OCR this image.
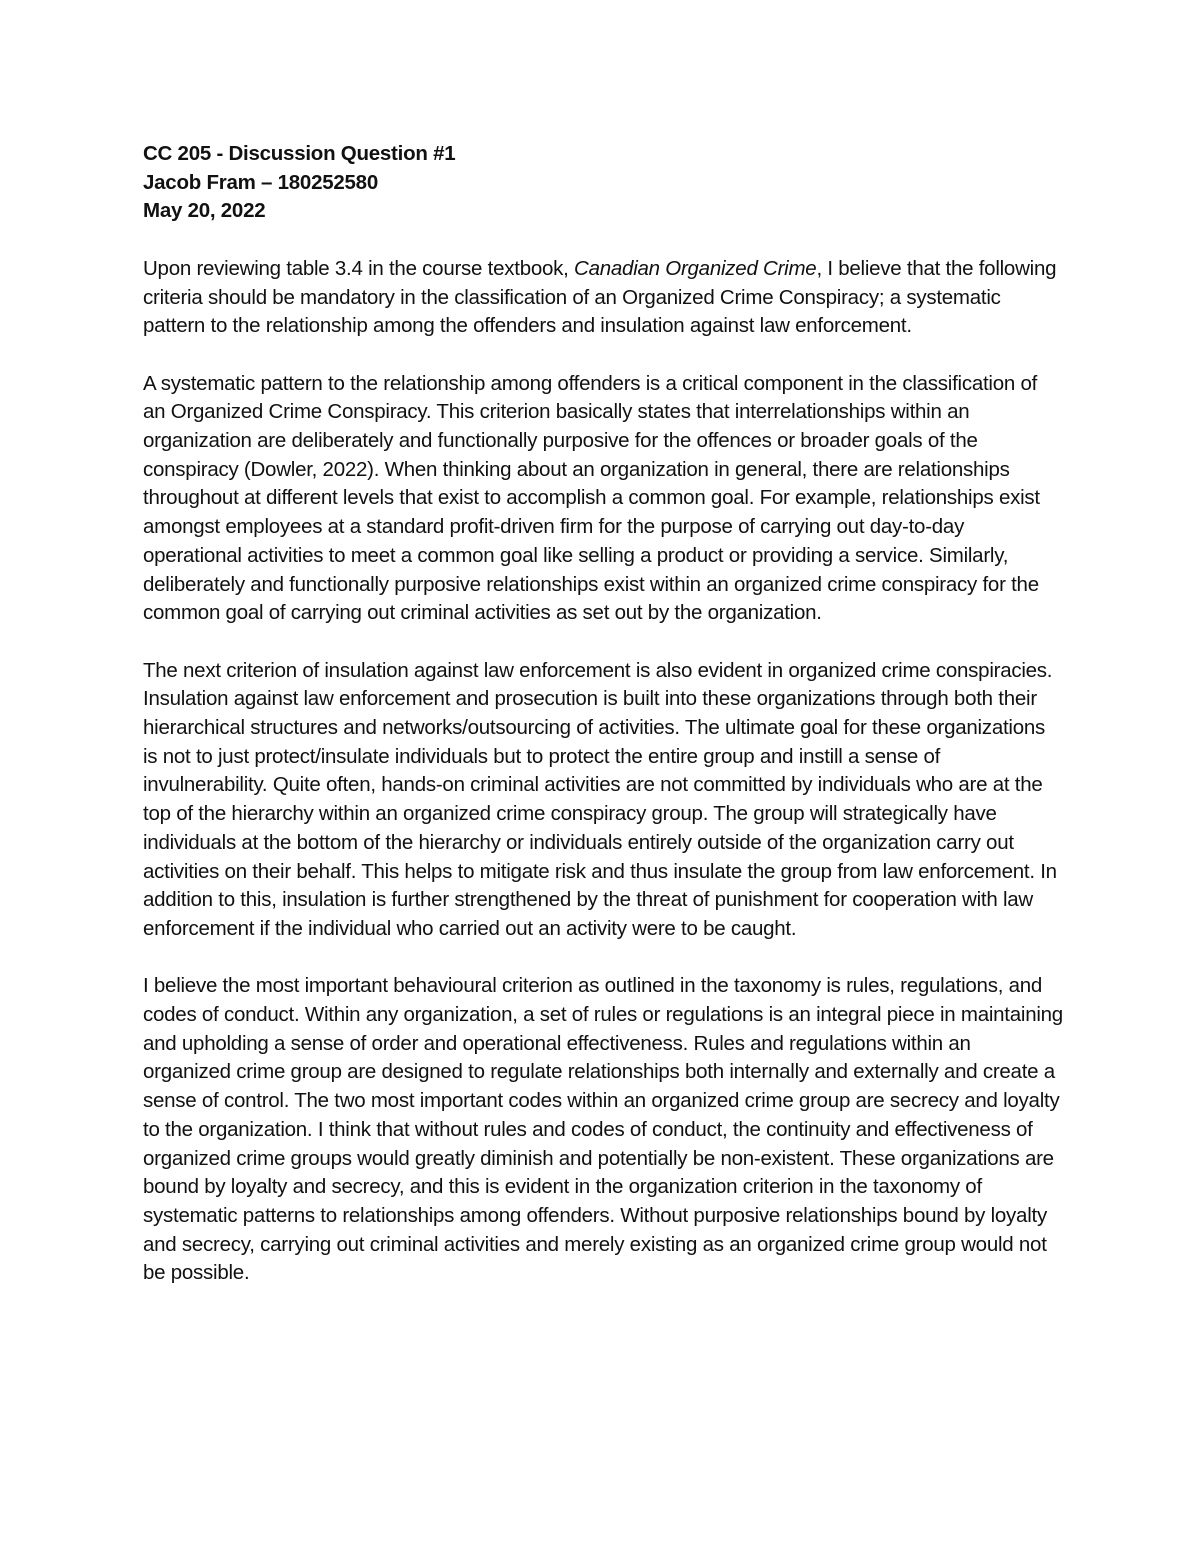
CC 205 - Discussion Question #1
Jacob Fram – 180252580
May 20, 2022

Upon reviewing table 3.4 in the course textbook, Canadian Organized Crime, I believe that the following criteria should be mandatory in the classification of an Organized Crime Conspiracy; a systematic pattern to the relationship among the offenders and insulation against law enforcement.

A systematic pattern to the relationship among offenders is a critical component in the classification of an Organized Crime Conspiracy. This criterion basically states that interrelationships within an organization are deliberately and functionally purposive for the offences or broader goals of the conspiracy (Dowler, 2022). When thinking about an organization in general, there are relationships throughout at different levels that exist to accomplish a common goal. For example, relationships exist amongst employees at a standard profit-driven firm for the purpose of carrying out day-to-day operational activities to meet a common goal like selling a product or providing a service. Similarly, deliberately and functionally purposive relationships exist within an organized crime conspiracy for the common goal of carrying out criminal activities as set out by the organization.

The next criterion of insulation against law enforcement is also evident in organized crime conspiracies. Insulation against law enforcement and prosecution is built into these organizations through both their hierarchical structures and networks/outsourcing of activities. The ultimate goal for these organizations is not to just protect/insulate individuals but to protect the entire group and instill a sense of invulnerability. Quite often, hands-on criminal activities are not committed by individuals who are at the top of the hierarchy within an organized crime conspiracy group. The group will strategically have individuals at the bottom of the hierarchy or individuals entirely outside of the organization carry out activities on their behalf. This helps to mitigate risk and thus insulate the group from law enforcement. In addition to this, insulation is further strengthened by the threat of punishment for cooperation with law enforcement if the individual who carried out an activity were to be caught.

I believe the most important behavioural criterion as outlined in the taxonomy is rules, regulations, and codes of conduct. Within any organization, a set of rules or regulations is an integral piece in maintaining and upholding a sense of order and operational effectiveness. Rules and regulations within an organized crime group are designed to regulate relationships both internally and externally and create a sense of control. The two most important codes within an organized crime group are secrecy and loyalty to the organization. I think that without rules and codes of conduct, the continuity and effectiveness of organized crime groups would greatly diminish and potentially be non-existent. These organizations are bound by loyalty and secrecy, and this is evident in the organization criterion in the taxonomy of systematic patterns to relationships among offenders. Without purposive relationships bound by loyalty and secrecy, carrying out criminal activities and merely existing as an organized crime group would not be possible.
